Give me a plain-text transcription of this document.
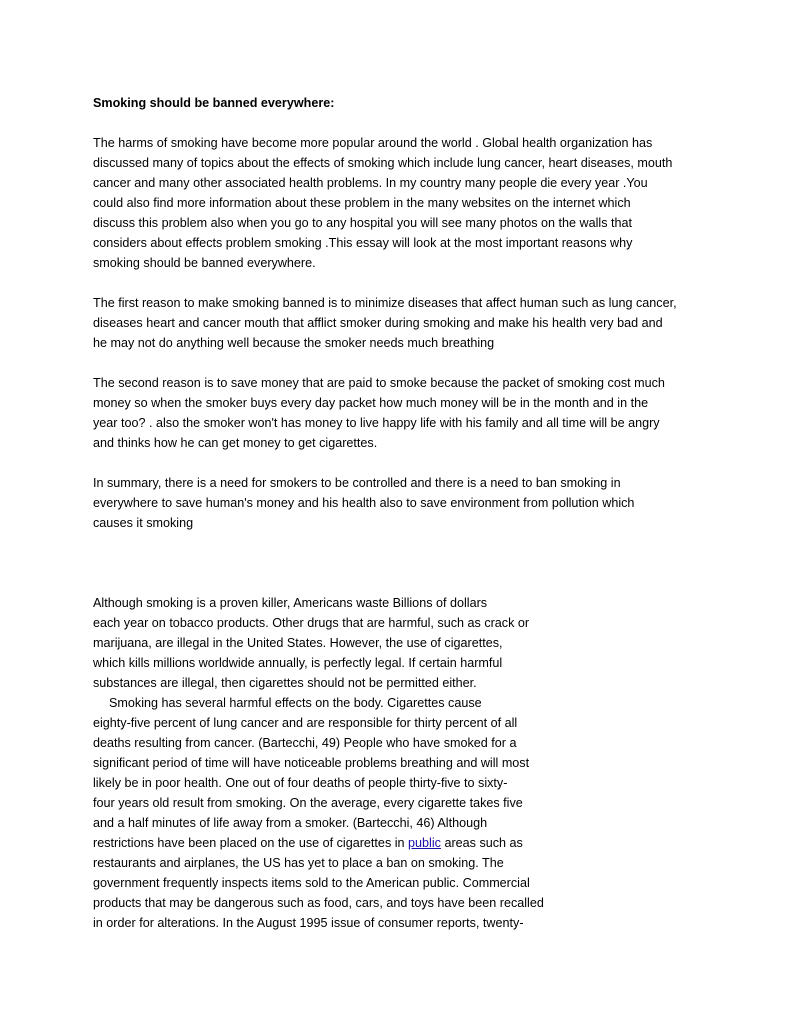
Smoking should be banned everywhere:

The harms of smoking have become more popular around the world . Global health organization has
discussed many of topics about the effects of smoking which include lung cancer, heart diseases, mouth
cancer and many other associated health problems. In my country many people die every year .You
could also find more information about these problem in the many websites on the internet which
discuss this problem also when you go to any hospital you will see many photos on the walls that
considers about effects problem smoking .This essay will look at the most important reasons why
smoking should be banned everywhere.

The first reason to make smoking banned is to minimize diseases that affect human such as lung cancer,
diseases heart and cancer mouth that afflict smoker during smoking and make his health very bad and
he may not do anything well because the smoker needs much breathing

The second reason is to save money that are paid to smoke because the packet of smoking cost much
money so when the smoker buys every day packet how much money will be in the month and in the
year too? . also the smoker won't has money to live happy life with his family and all time will be angry
and thinks how he can get money to get cigarettes.

In summary, there is a need for smokers to be controlled and there is a need to ban smoking in
everywhere to save human's money and his health also to save environment from pollution which
causes it smoking

Although smoking is a proven killer, Americans waste Billions of dollars
each year on tobacco products. Other drugs that are harmful, such as crack or
marijuana, are illegal in the United States. However, the use of cigarettes,
which kills millions worldwide annually, is perfectly legal. If certain harmful
substances are illegal, then cigarettes should not be permitted either.
Smoking has several harmful effects on the body. Cigarettes cause
eighty-five percent of lung cancer and are responsible for thirty percent of all
deaths resulting from cancer. (Bartecchi, 49) People who have smoked for a
significant period of time will have noticeable problems breathing and will most
likely be in poor health. One out of four deaths of people thirty-five to sixty-
four years old result from smoking. On the average, every cigarette takes five
and a half minutes of life away from a smoker. (Bartecchi, 46) Although
restrictions have been placed on the use of cigarettes in public areas such as
restaurants and airplanes, the US has yet to place a ban on smoking. The
government frequently inspects items sold to the American public. Commercial
products that may be dangerous such as food, cars, and toys have been recalled
in order for alterations. In the August 1995 issue of consumer reports, twenty-
